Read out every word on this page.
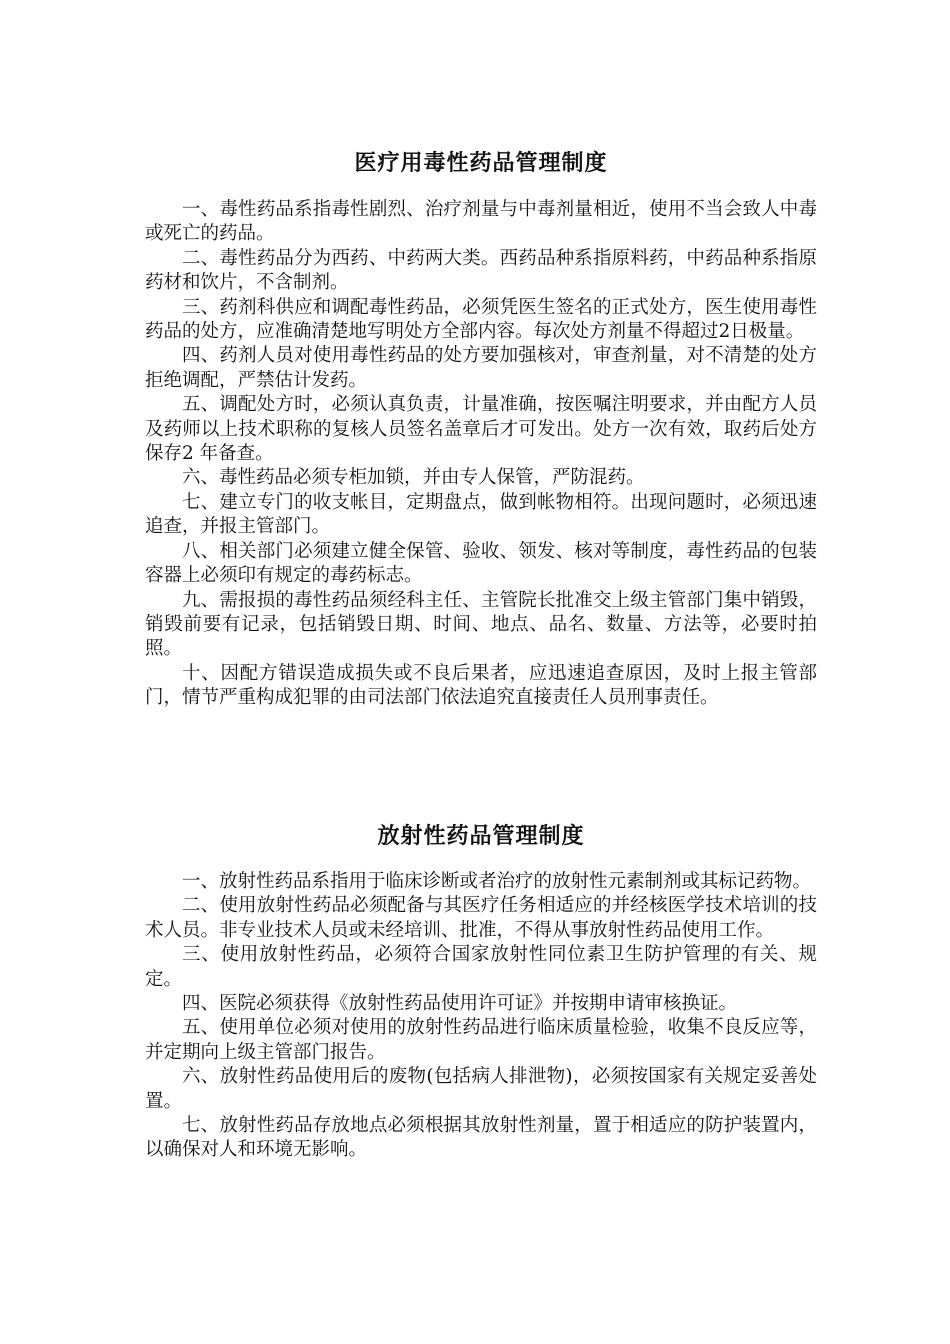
医疗用毒性药品管理制度

一、毒性药品系指毒性剧烈、治疗剂量与中毒剂量相近，使用不当会致人中毒或死亡的药品。

二、毒性药品分为西药、中药两大类。西药品种系指原料药，中药品种系指原药材和饮片，不含制剂。

三、药剂科供应和调配毒性药品，必须凭医生签名的正式处方，医生使用毒性药品的处方，应准确清楚地写明处方全部内容。每次处方剂量不得超过2日极量。

四、药剂人员对使用毒性药品的处方要加强核对，审查剂量，对不清楚的处方拒绝调配，严禁估计发药。

五、调配处方时，必须认真负责，计量准确，按医嘱注明要求，并由配方人员及药师以上技术职称的复核人员签名盖章后才可发出。处方一次有效，取药后处方保存2 年备查。

六、毒性药品必须专柜加锁，并由专人保管，严防混药。

七、建立专门的收支帐目，定期盘点，做到帐物相符。出现问题时，必须迅速追查，并报主管部门。

八、相关部门必须建立健全保管、验收、领发、核对等制度，毒性药品的包装容器上必须印有规定的毒药标志。

九、需报损的毒性药品须经科主任、主管院长批准交上级主管部门集中销毁，销毁前要有记录，包括销毁日期、时间、地点、品名、数量、方法等，必要时拍照。

十、因配方错误造成损失或不良后果者，应迅速追查原因，及时上报主管部门，情节严重构成犯罪的由司法部门依法追究直接责任人员刑事责任。

放射性药品管理制度

一、放射性药品系指用于临床诊断或者治疗的放射性元素制剂或其标记药物。

二、使用放射性药品必须配备与其医疗任务相适应的并经核医学技术培训的技术人员。非专业技术人员或未经培训、批准，不得从事放射性药品使用工作。

三、使用放射性药品，必须符合国家放射性同位素卫生防护管理的有关、规定。

四、医院必须获得《放射性药品使用许可证》并按期申请审核换证。

五、使用单位必须对使用的放射性药品进行临床质量检验，收集不良反应等，并定期向上级主管部门报告。

六、放射性药品使用后的废物(包括病人排泄物)，必须按国家有关规定妥善处置。

七、放射性药品存放地点必须根据其放射性剂量，置于相适应的防护装置内，以确保对人和环境无影响。
